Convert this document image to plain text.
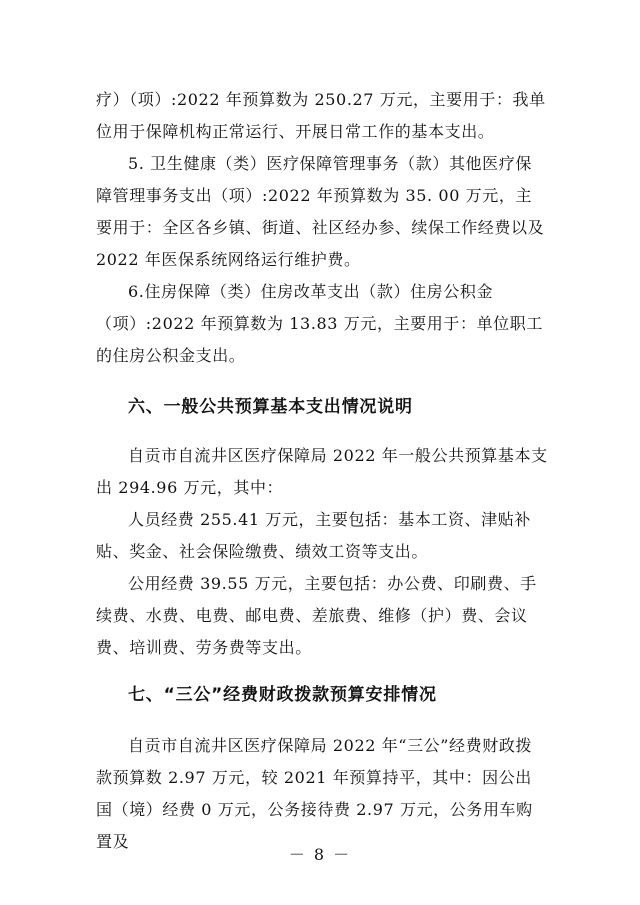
疗）（项）:2022 年预算数为 250.27 万元，主要用于：我单位用于保障机构正常运行、开展日常工作的基本支出。

5. 卫生健康（类）医疗保障管理事务（款）其他医疗保障管理事务支出（项）:2022 年预算数为 35. 00 万元，主要用于：全区各乡镇、街道、社区经办参、续保工作经费以及 2022 年医保系统网络运行维护费。

6.住房保障（类）住房改革支出（款）住房公积金（项）:2022 年预算数为 13.83 万元，主要用于：单位职工的住房公积金支出。

六、一般公共预算基本支出情况说明

自贡市自流井区医疗保障局 2022 年一般公共预算基本支出 294.96 万元，其中：

人员经费 255.41 万元，主要包括：基本工资、津贴补贴、奖金、社会保险缴费、绩效工资等支出。

公用经费 39.55 万元，主要包括：办公费、印刷费、手续费、水费、电费、邮电费、差旅费、维修（护）费、会议费、培训费、劳务费等支出。

七、“三公”经费财政拨款预算安排情况

自贡市自流井区医疗保障局 2022 年“三公”经费财政拨款预算数 2.97 万元，较 2021 年预算持平，其中：因公出国（境）经费 0 万元，公务接待费 2.97 万元，公务用车购置及

－ 8 －
